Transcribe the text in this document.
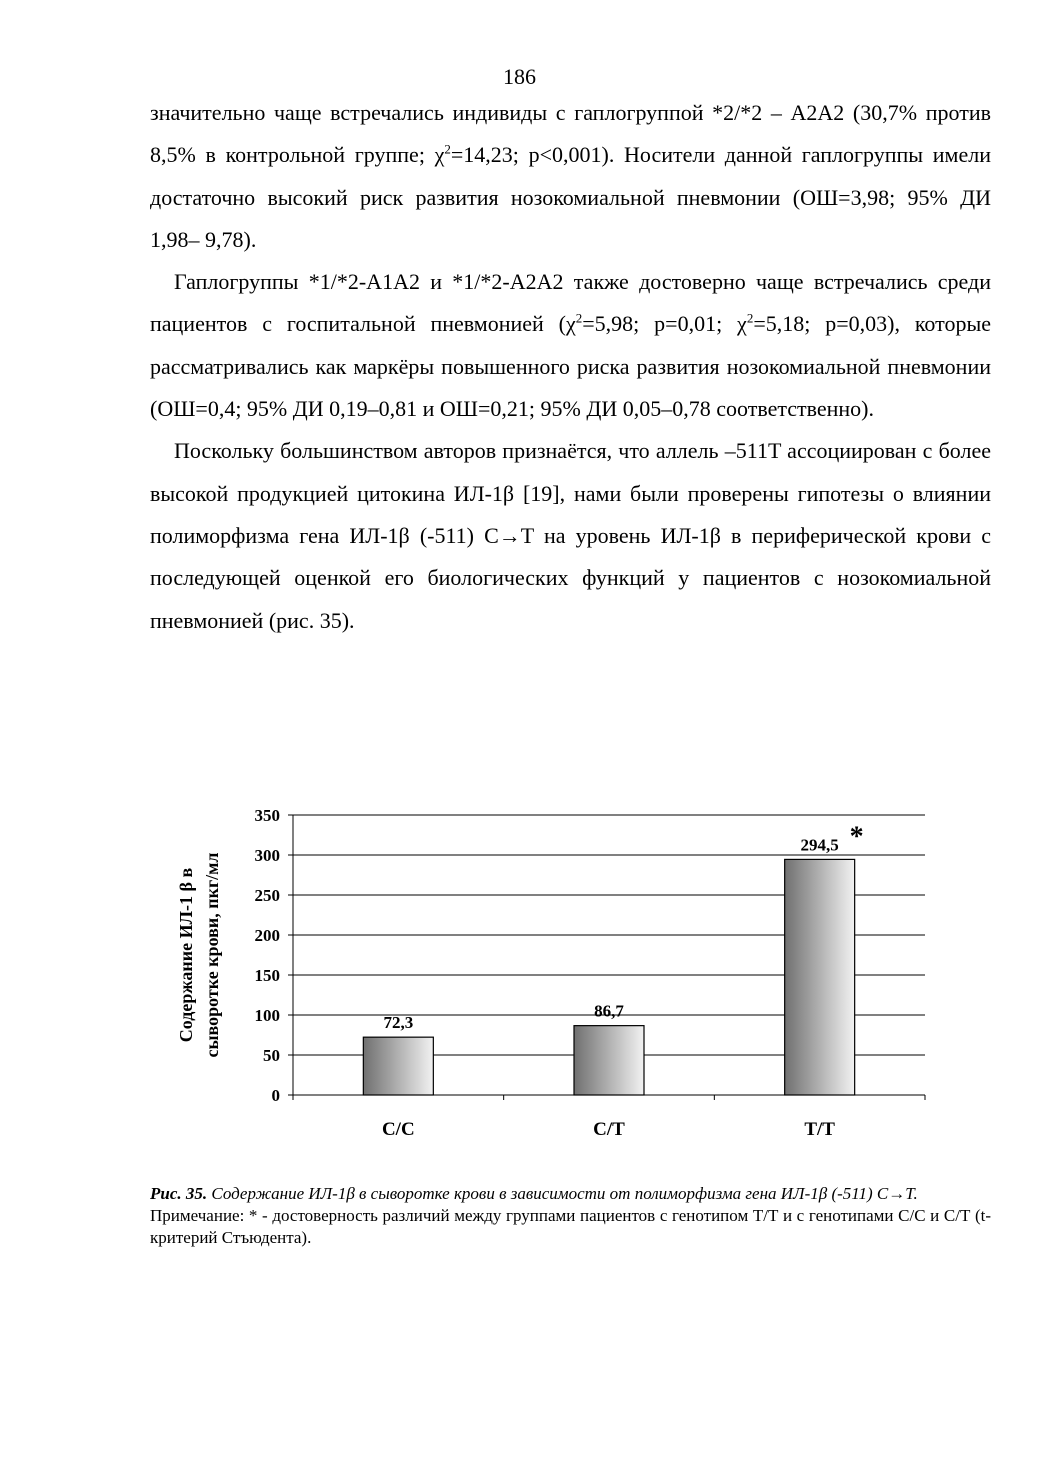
186

значительно чаще встречались индивиды с гаплогруппой *2/*2 – А2А2 (30,7% против 8,5% в контрольной группе; $\chi^2=14,23$; p<0,001). Носители данной гаплогруппы имели достаточно высокий риск развития нозокомиальной пневмонии (ОШ=3,98; 95% ДИ 1,98– 9,78).

Гаплогруппы *1/*2-A1A2 и *1/*2-A2A2 также достоверно чаще встречались среди пациентов с госпитальной пневмонией ($\chi^2=5,98$; p=0,01; $\chi^2=5,18$; p=0,03), которые рассматривались как маркёры повышенного риска развития нозокомиальной пневмонии (ОШ=0,4; 95% ДИ 0,19–0,81 и ОШ=0,21; 95% ДИ 0,05–0,78 соответственно).

Поскольку большинством авторов признаётся, что аллель –511T ассоциирован с более высокой продукцией цитокина ИЛ-1β [19], нами были проверены гипотезы о влиянии полиморфизма гена ИЛ-1β (-511) C→T на уровень ИЛ-1β в периферической крови с последующей оценкой его биологических функций у пациентов с нозокомиальной пневмонией (рис. 35).

0
50
100
150
200
250
300
350
72,3
C/C
86,7
C/T
294,5
T/T
*
Содержание ИЛ-1 β в сыворотке крови, пкг/мл

Рис. 35. Содержание ИЛ-1β в сыворотке крови в зависимости от полиморфизма гена ИЛ-1β (-511) C→T.

Примечание: * - достоверность различий между группами пациентов с генотипом Т/Т и с генотипами С/С и С/Т (t-критерий Стъюдента).
